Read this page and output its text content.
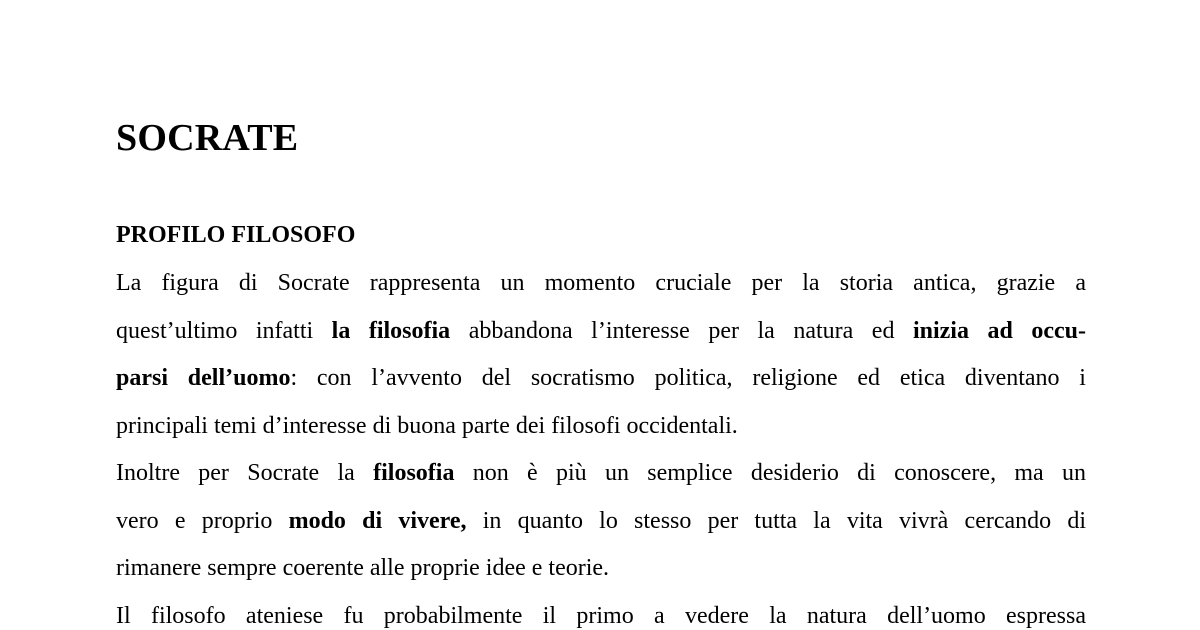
SOCRATE
PROFILO FILOSOFO
La figura di Socrate rappresenta un momento cruciale per la storia antica, grazie a
quest’ultimo infatti la filosofia abbandona l’interesse per la natura ed inizia ad occu-
parsi dell’uomo: con l’avvento del socratismo politica, religione ed etica diventano i
principali temi d’interesse di buona parte dei filosofi occidentali.
Inoltre per Socrate la filosofia non è più un semplice desiderio di conoscere, ma un
vero e proprio modo di vivere, in quanto lo stesso per tutta la vita vivrà cercando di
rimanere sempre coerente alle proprie idee e teorie.
Il filosofo ateniese fu probabilmente il primo a vedere la natura dell’uomo espressa
